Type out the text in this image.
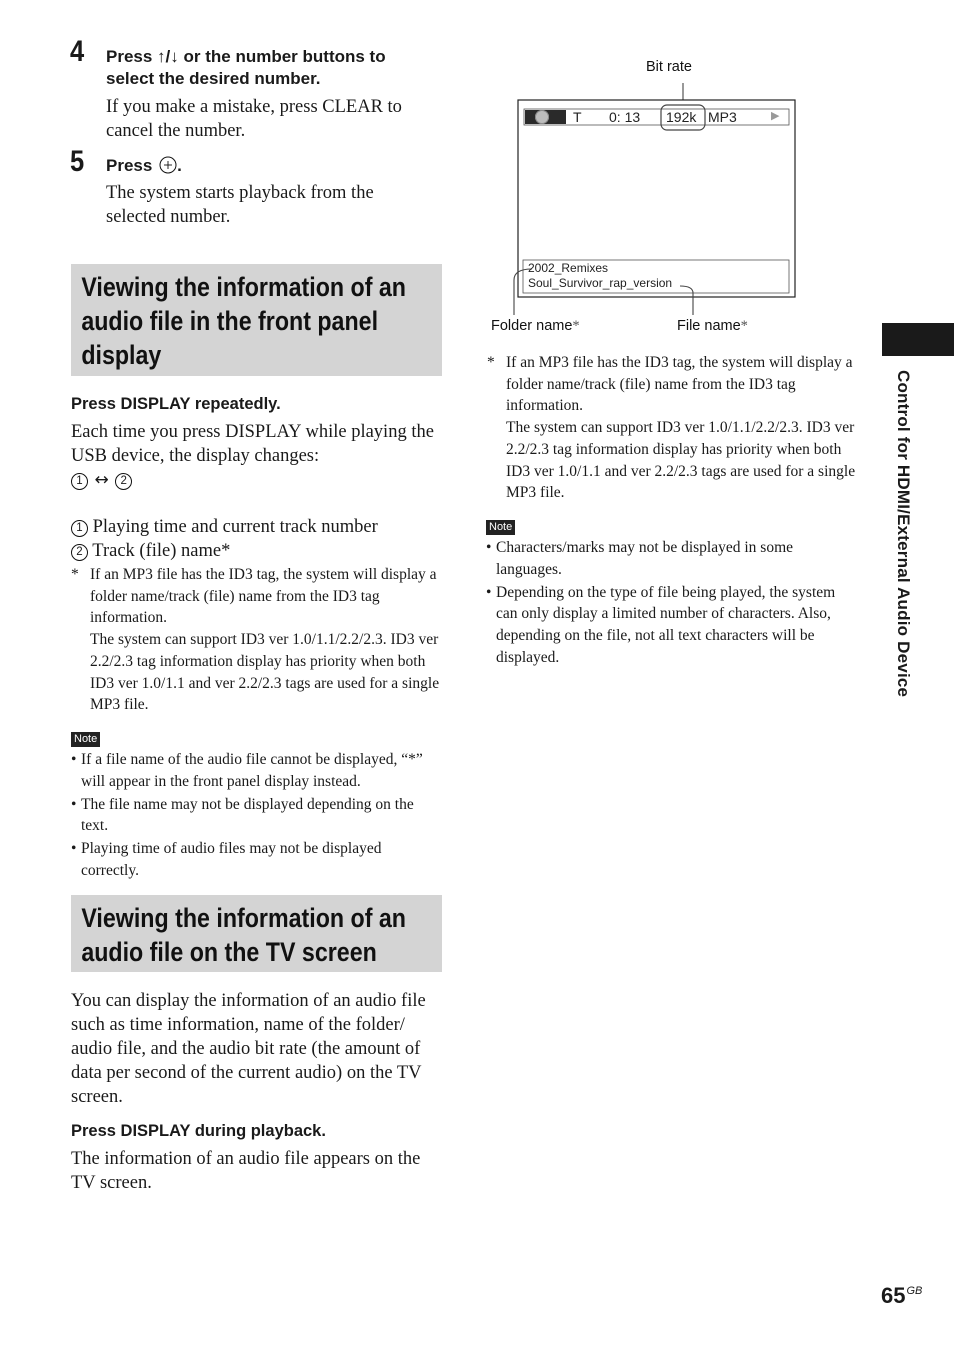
4 Press ↑/↓ or the number buttons to select the desired number.
If you make a mistake, press CLEAR to cancel the number.
5 Press .
The system starts playback from the selected number.
Viewing the information of an audio file in the front panel display
Press DISPLAY repeatedly.
Each time you press DISPLAY while playing the USB device, the display changes:
1 ↔ 2
1 Playing time and current track number
2 Track (file) name*
* If an MP3 file has the ID3 tag, the system will display a folder name/track (file) name from the ID3 tag information.
The system can support ID3 ver 1.0/1.1/2.2/2.3. ID3 ver 2.2/2.3 tag information display has priority when both ID3 ver 1.0/1.1 and ver 2.2/2.3 tags are used for a single MP3 file.
Note
• If a file name of the audio file cannot be displayed, “*” will appear in the front panel display instead.
• The file name may not be displayed depending on the text.
• Playing time of audio files may not be displayed correctly.
Viewing the information of an audio file on the TV screen
You can display the information of an audio file such as time information, name of the folder/ audio file, and the audio bit rate (the amount of data per second of the current audio) on the TV screen.
Press DISPLAY during playback.
The information of an audio file appears on the TV screen.
Bit rate
T 0: 13 192k MP3	▶
2002_Remixes
Soul_Survivor_rap_version
Folder name*	File name*
* If an MP3 file has the ID3 tag, the system will display a folder name/track (file) name from the ID3 tag information.
The system can support ID3 ver 1.0/1.1/2.2/2.3. ID3 ver 2.2/2.3 tag information display has priority when both ID3 ver 1.0/1.1 and ver 2.2/2.3 tags are used for a single MP3 file.
Note
• Characters/marks may not be displayed in some languages.
• Depending on the type of file being played, the system can only display a limited number of characters. Also, depending on the file, not all text characters will be displayed.	Control for HDMI/External Audio Device
$65^{GB}$
